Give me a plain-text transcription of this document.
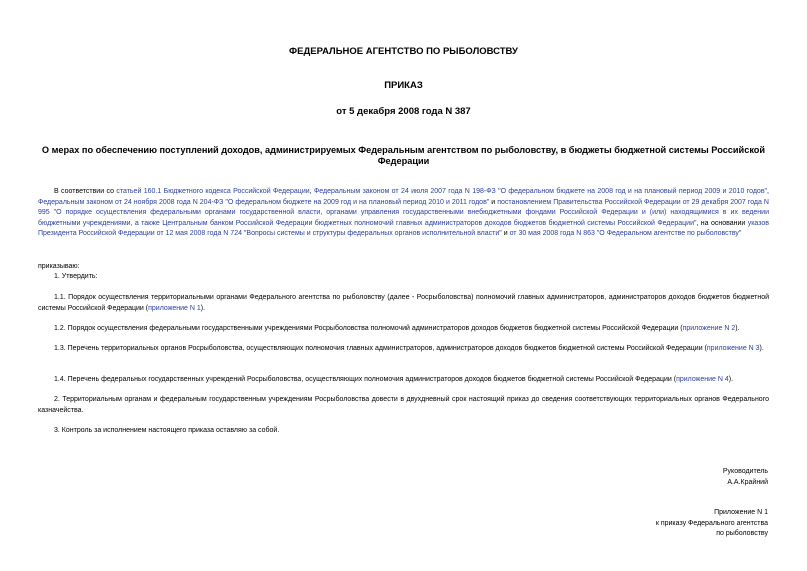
ФЕДЕРАЛЬНОЕ АГЕНТСТВО ПО РЫБОЛОВСТВУ
ПРИКАЗ
от 5 декабря 2008 года N 387
О мерах по обеспечению поступлений доходов, администрируемых Федеральным агентством по рыболовству, в бюджеты бюджетной системы Российской Федерации
В соответствии со статьей 160.1 Бюджетного кодекса Российской Федерации, Федеральным законом от 24 июля 2007 года N 198-ФЗ "О федеральном бюджете на 2008 год и на плановый период 2009 и 2010 годов", Федеральным законом от 24 ноября 2008 года N 204-ФЗ "О федеральном бюджете на 2009 год и на плановый период 2010 и 2011 годов" и постановлением Правительства Российской Федерации от 29 декабря 2007 года N 995 "О порядке осуществления федеральными органами государственной власти, органами управления государственными внебюджетными фондами Российской Федерации и (или) находящимися в их ведении бюджетными учреждениями, а также Центральным банком Российской Федерации бюджетных полномочий главных администраторов доходов бюджетов бюджетной системы Российской Федерации", на основании указов Президента Российской Федерации от 12 мая 2008 года N 724 "Вопросы системы и структуры федеральных органов исполнительной власти" и от 30 мая 2008 года N 863 "О Федеральном агентстве по рыболовству"
приказываю:
1. Утвердить:
1.1. Порядок осуществления территориальными органами Федерального агентства по рыболовству (далее - Росрыболовства) полномочий главных администраторов, администраторов доходов бюджетов бюджетной системы Российской Федерации (приложение N 1).
1.2. Порядок осуществления федеральными государственными учреждениями Росрыболовства полномочий администраторов доходов бюджетов бюджетной системы Российской Федерации (приложение N 2).
1.3. Перечень территориальных органов Росрыболовства, осуществляющих полномочия главных администраторов, администраторов доходов бюджетов бюджетной системы Российской Федерации (приложение N 3).
1.4. Перечень федеральных государственных учреждений Росрыболовства, осуществляющих полномочия администраторов доходов бюджетов бюджетной системы Российской Федерации (приложение N 4).
2. Территориальным органам и федеральным государственным учреждениям Росрыболовства довести в двухдневный срок настоящий приказ до сведения соответствующих территориальных органов Федерального казначейства.
3. Контроль за исполнением настоящего приказа оставляю за собой.
Руководитель
А.А.Крайний
Приложение N 1
к приказу Федерального агентства
по рыболовству
